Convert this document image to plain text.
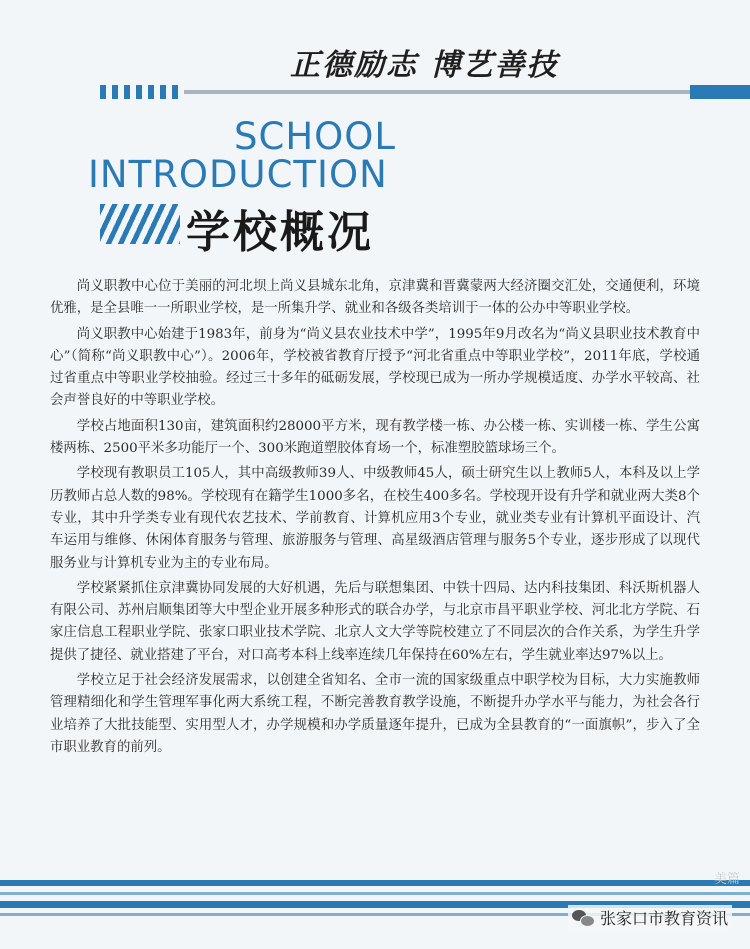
正德励志 博艺善技
SCHOOL
INTRODUCTION
学校概况

尚义职教中心位于美丽的河北坝上尚义县城东北角，京津冀和晋冀蒙两大经济圈交汇处，交通便利，环境优雅，是全县唯一一所职业学校，是一所集升学、就业和各级各类培训于一体的公办中等职业学校。

尚义职教中心始建于1983年，前身为“尚义县农业技术中学”，1995年9月改名为“尚义县职业技术教育中心”（简称“尚义职教中心”）。2006年，学校被省教育厅授予“河北省重点中等职业学校”，2011年底，学校通过省重点中等职业学校抽验。经过三十多年的砥砺发展，学校现已成为一所办学规模适度、办学水平较高、社会声誉良好的中等职业学校。

学校占地面积130亩，建筑面积约28000平方米，现有教学楼一栋、办公楼一栋、实训楼一栋、学生公寓楼两栋、2500平米多功能厅一个、300米跑道塑胶体育场一个，标准塑胶篮球场三个。

学校现有教职员工105人，其中高级教师39人、中级教师45人，硕士研究生以上教师5人，本科及以上学历教师占总人数的98%。学校现有在籍学生1000多名，在校生400多名。学校现开设有升学和就业两大类8个专业，其中升学类专业有现代农艺技术、学前教育、计算机应用3个专业，就业类专业有计算机平面设计、汽车运用与维修、休闲体育服务与管理、旅游服务与管理、高星级酒店管理与服务5个专业，逐步形成了以现代服务业与计算机专业为主的专业布局。

学校紧紧抓住京津冀协同发展的大好机遇，先后与联想集团、中铁十四局、达内科技集团、科沃斯机器人有限公司、苏州启顺集团等大中型企业开展多种形式的联合办学，与北京市昌平职业学校、河北北方学院、石家庄信息工程职业学院、张家口职业技术学院、北京人文大学等院校建立了不同层次的合作关系，为学生升学提供了捷径、就业搭建了平台，对口高考本科上线率连续几年保持在60%左右，学生就业率达97%以上。

学校立足于社会经济发展需求，以创建全省知名、全市一流的国家级重点中职学校为目标，大力实施教师管理精细化和学生管理军事化两大系统工程，不断完善教育教学设施，不断提升办学水平与能力，为社会各行业培养了大批技能型、实用型人才，办学规模和办学质量逐年提升，已成为全县教育的“一面旗帜”，步入了全市职业教育的前列。

美篇
张家口市教育资讯
